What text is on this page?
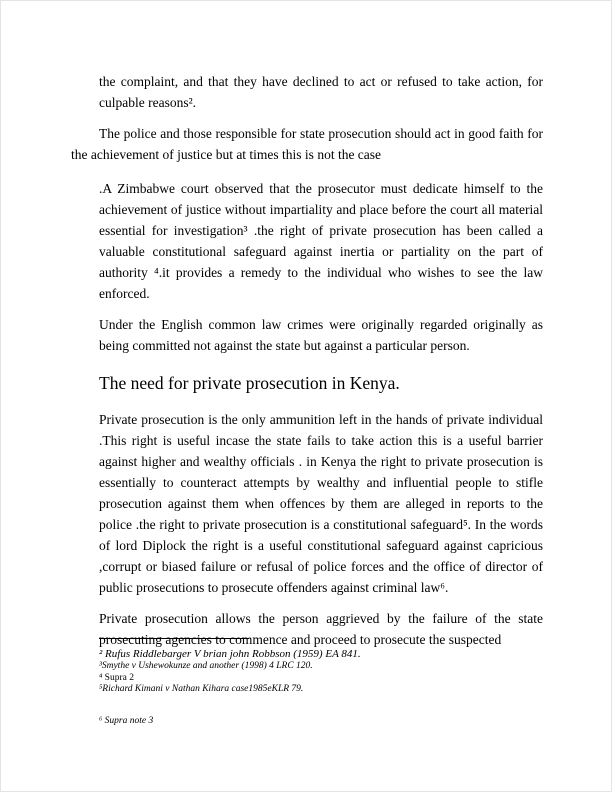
the complaint, and that they have declined to act or refused to take action, for culpable reasons².

The police and those responsible for state prosecution should act in good faith for the achievement of justice but at times this is not the case

.A Zimbabwe court observed that the prosecutor must dedicate himself to the achievement of justice without impartiality and place before the court all material essential for investigation³ .the right of private prosecution has been called a valuable constitutional safeguard against inertia or partiality on the part of authority ⁴.it provides a remedy to the individual who wishes to see the law enforced.

Under the English common law crimes were originally regarded originally as being committed not against the state but against a particular person.

The need for private prosecution in Kenya.

Private prosecution is the only ammunition left in the hands of private individual .This right is useful incase the state fails to take action this is a useful barrier against higher and wealthy officials . in Kenya the right to private prosecution is essentially to counteract attempts by wealthy and influential people to stifle prosecution against them when offences by them are alleged in reports to the police .the right to private prosecution is a constitutional safeguard⁵. In the words of lord Diplock the right is a useful constitutional safeguard against capricious ,corrupt or biased failure or refusal of police forces and the office of director of public prosecutions to prosecute offenders against criminal law⁶.

Private prosecution allows the person aggrieved by the failure of the state prosecuting agencies to commence and proceed to prosecute the suspected

² Rufus Riddlebarger V brian john Robbson (1959) EA 841.

³Smythe v Ushewokunze and another (1998) 4 LRC 120.

⁴ Supra 2

⁵Richard Kimani v Nathan Kihara case1985eKLR 79.

⁶ Supra note 3
